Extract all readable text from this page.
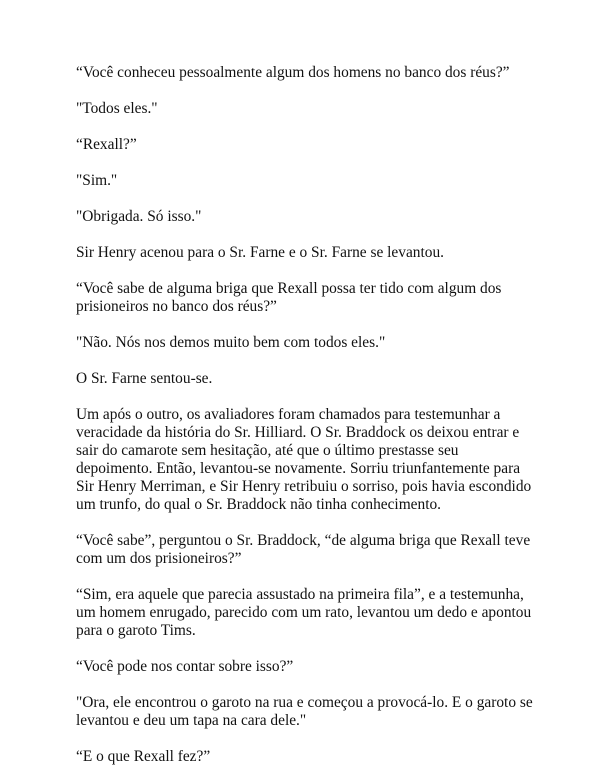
“Você conheceu pessoalmente algum dos homens no banco dos réus?”

"Todos eles."

“Rexall?”

"Sim."

"Obrigada. Só isso."

Sir Henry acenou para o Sr. Farne e o Sr. Farne se levantou.

“Você sabe de alguma briga que Rexall possa ter tido com algum dos prisioneiros no banco dos réus?”

"Não. Nós nos demos muito bem com todos eles."

O Sr. Farne sentou-se.

Um após o outro, os avaliadores foram chamados para testemunhar a veracidade da história do Sr. Hilliard. O Sr. Braddock os deixou entrar e sair do camarote sem hesitação, até que o último prestasse seu depoimento. Então, levantou-se novamente. Sorriu triunfantemente para Sir Henry Merriman, e Sir Henry retribuiu o sorriso, pois havia escondido um trunfo, do qual o Sr. Braddock não tinha conhecimento.

“Você sabe”, perguntou o Sr. Braddock, “de alguma briga que Rexall teve com um dos prisioneiros?”

“Sim, era aquele que parecia assustado na primeira fila”, e a testemunha, um homem enrugado, parecido com um rato, levantou um dedo e apontou para o garoto Tims.

“Você pode nos contar sobre isso?”

"Ora, ele encontrou o garoto na rua e começou a provocá-lo. E o garoto se levantou e deu um tapa na cara dele."

“E o que Rexall fez?”
